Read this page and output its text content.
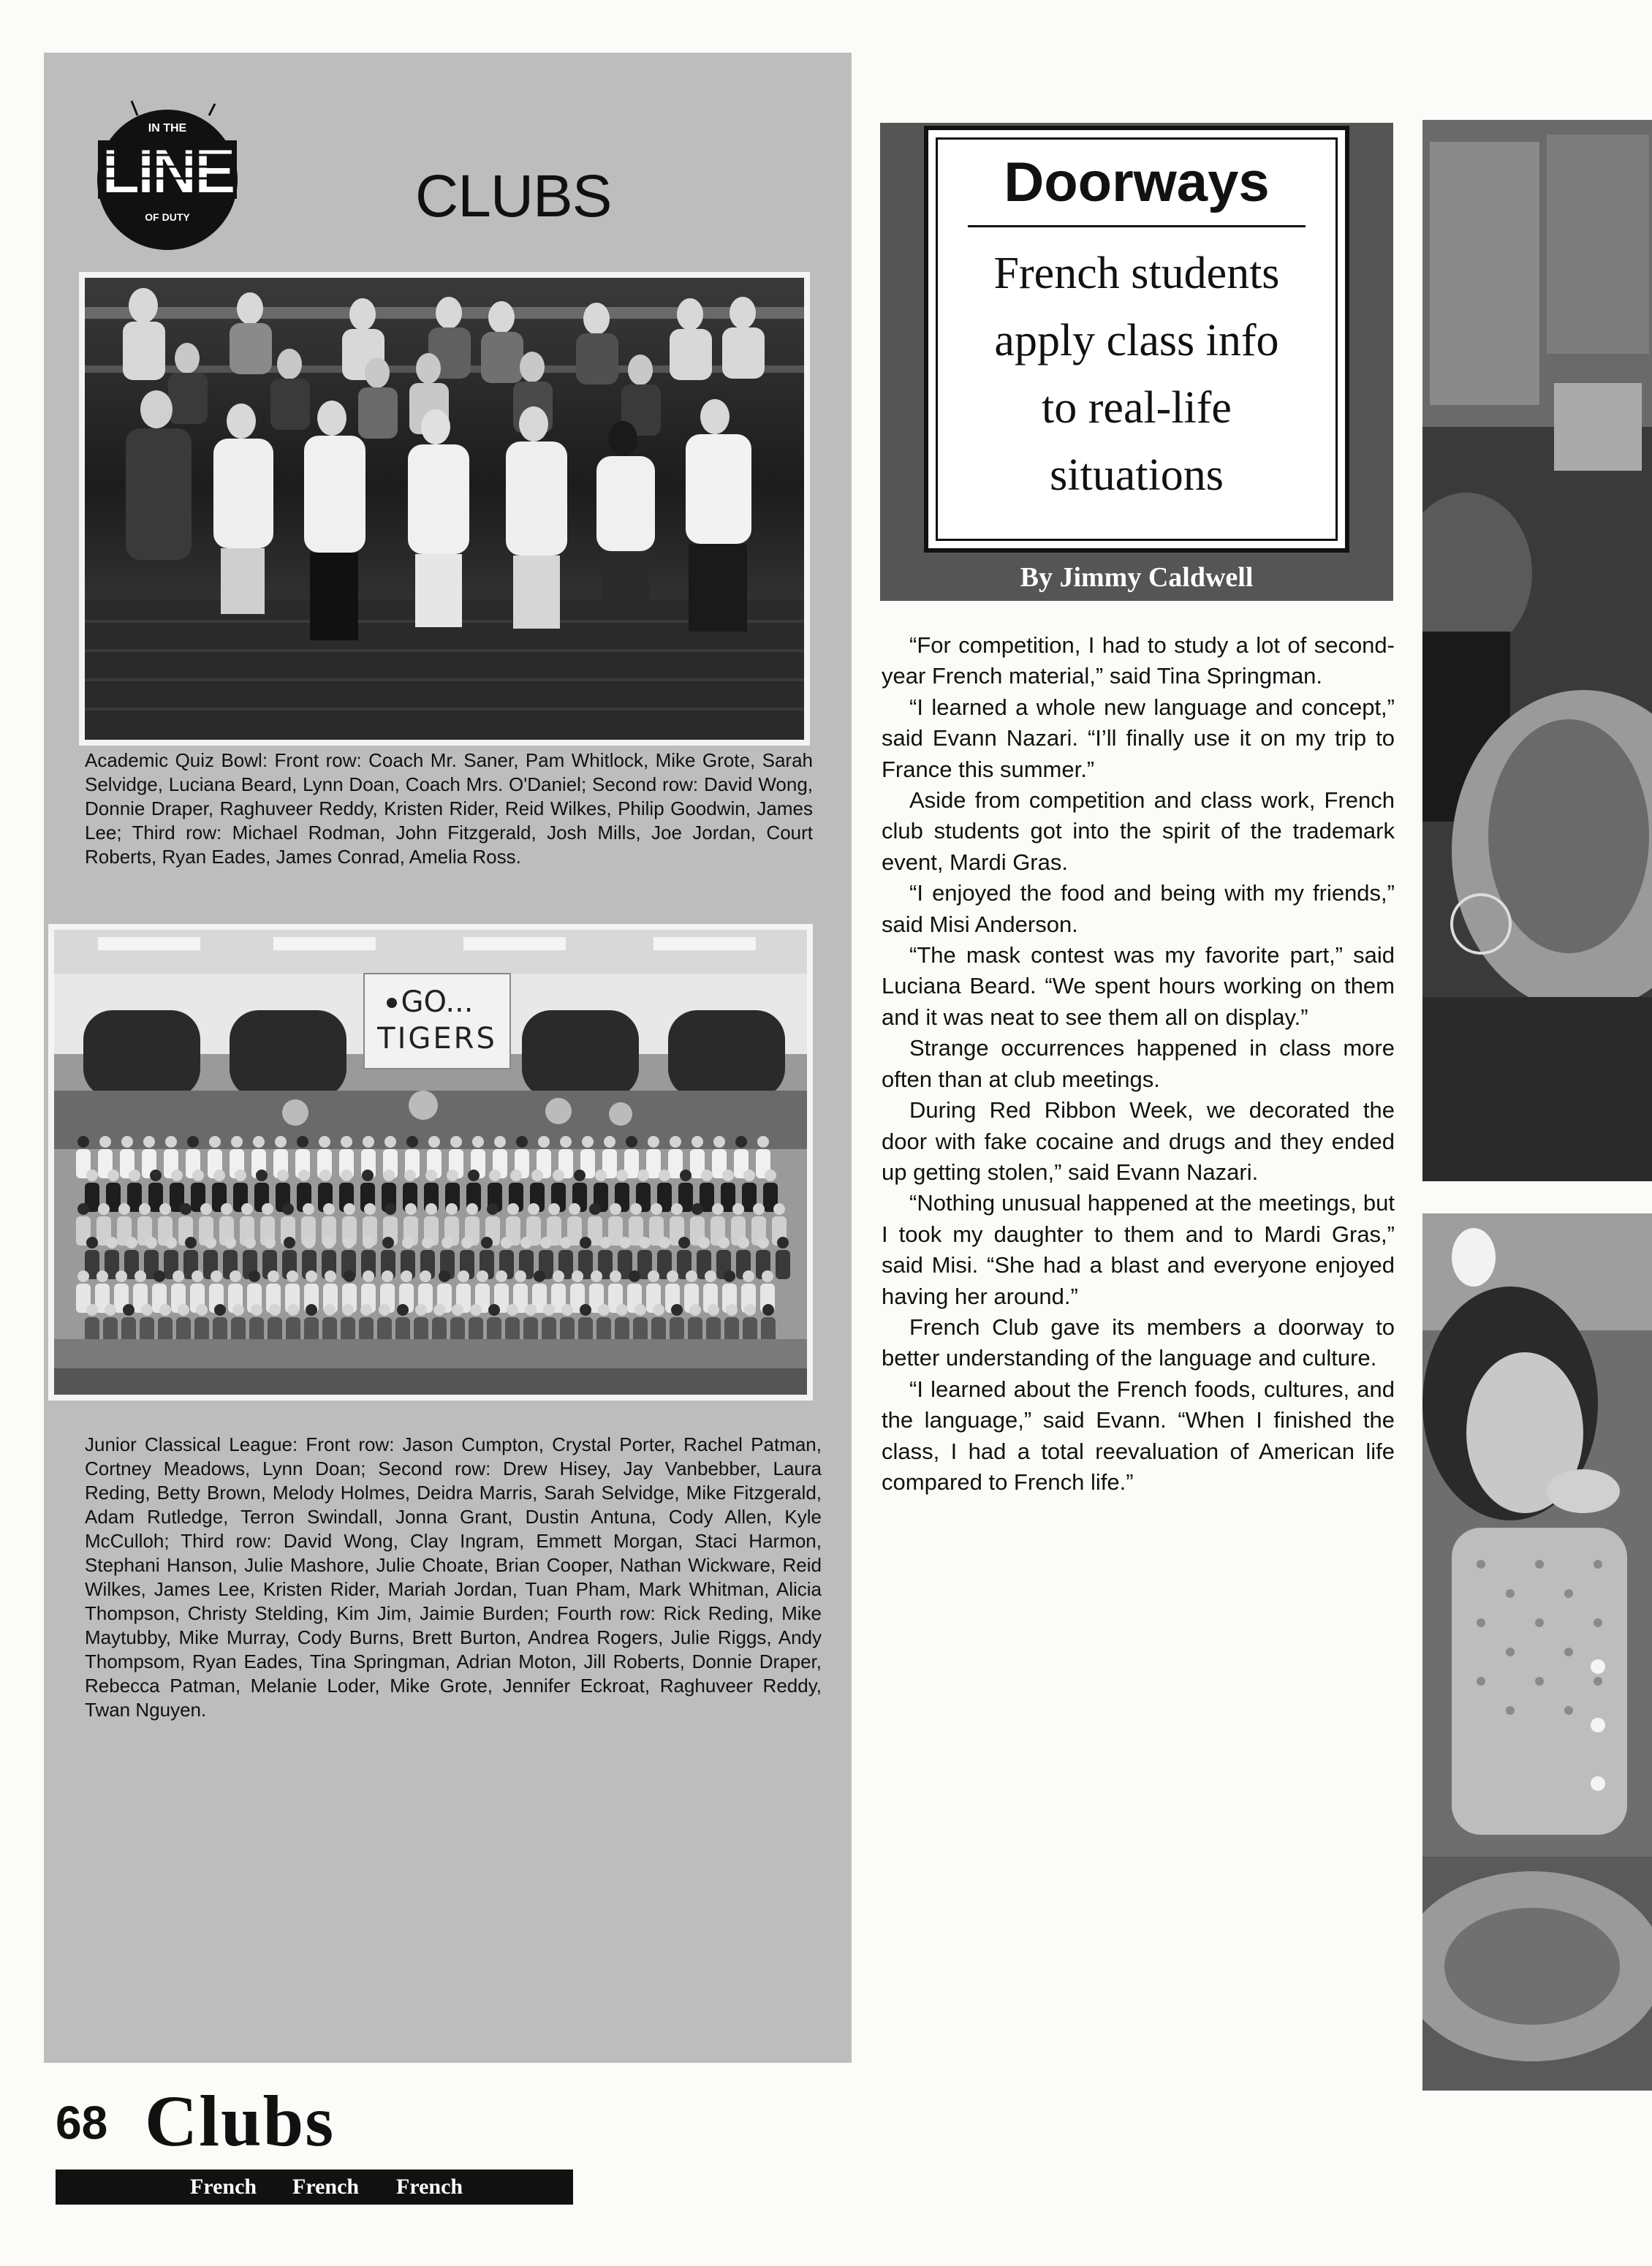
IN THE
LINE
OF DUTY	CLUBS
Academic Quiz Bowl: Front row: Coach Mr. Saner, Pam Whitlock, Mike Grote, Sarah Selvidge, Luciana Beard, Lynn Doan, Coach Mrs. O'Daniel; Second row: David Wong, Donnie Draper, Raghuveer Reddy, Kristen Rider, Reid Wilkes, Philip Goodwin, James Lee; Third row: Michael Rodman, John Fitzgerald, Josh Mills, Joe Jordan, Court Roberts, Ryan Eades, James Conrad, Amelia Ross.
GO...
TIGERS
Junior Classical League: Front row: Jason Cumpton, Crystal Porter, Rachel Patman, Cortney Meadows, Lynn Doan; Second row: Drew Hisey, Jay Vanbebber, Laura Reding, Betty Brown, Melody Holmes, Deidra Marris, Sarah Selvidge, Mike Fitzgerald, Adam Rutledge, Terron Swindall, Jonna Grant, Dustin Antuna, Cody Allen, Kyle McCulloh; Third row: David Wong, Clay Ingram, Emmett Morgan, Staci Harmon, Stephani Hanson, Julie Mashore, Julie Choate, Brian Cooper, Nathan Wickware, Reid Wilkes, James Lee, Kristen Rider, Mariah Jordan, Tuan Pham, Mark Whitman, Alicia Thompson, Christy Stelding, Kim Jim, Jaimie Burden; Fourth row: Rick Reding, Mike Maytubby, Mike Murray, Cody Burns, Brett Burton, Andrea Rogers, Julie Riggs, Andy Thompsom, Ryan Eades, Tina Springman, Adrian Moton, Jill Roberts, Donnie Draper, Rebecca Patman, Melanie Loder, Mike Grote, Jennifer Eckroat, Raghuveer Reddy, Twan Nguyen.
Doorways
French students
apply class info
to real-life
situations
By Jimmy Caldwell

“For competition, I had to study a lot of second-year French material,” said Tina Springman.

“I learned a whole new language and concept,” said Evann Nazari. “I’ll finally use it on my trip to France this summer.”

Aside from competition and class work, French club students got into the spirit of the trademark event, Mardi Gras.

“I enjoyed the food and being with my friends,” said Misi Anderson.

“The mask contest was my favorite part,” said Luciana Beard. “We spent hours working on them and it was neat to see them all on display.”

Strange occurrences happened in class more often than at club meetings.

During Red Ribbon Week, we decorated the door with fake cocaine and drugs and they ended up getting stolen,” said Evann Nazari.

“Nothing unusual happened at the meetings, but I took my daughter to them and to Mardi Gras,” said Misi. “She had a blast and everyone enjoyed having her around.”

French Club gave its members a doorway to better understanding of the language and culture.

“I learned about the French foods, cultures, and the language,” said Evann. “When I finished the class, I had a total reevaluation of American life compared to French life.”

68 Clubs
French French French
